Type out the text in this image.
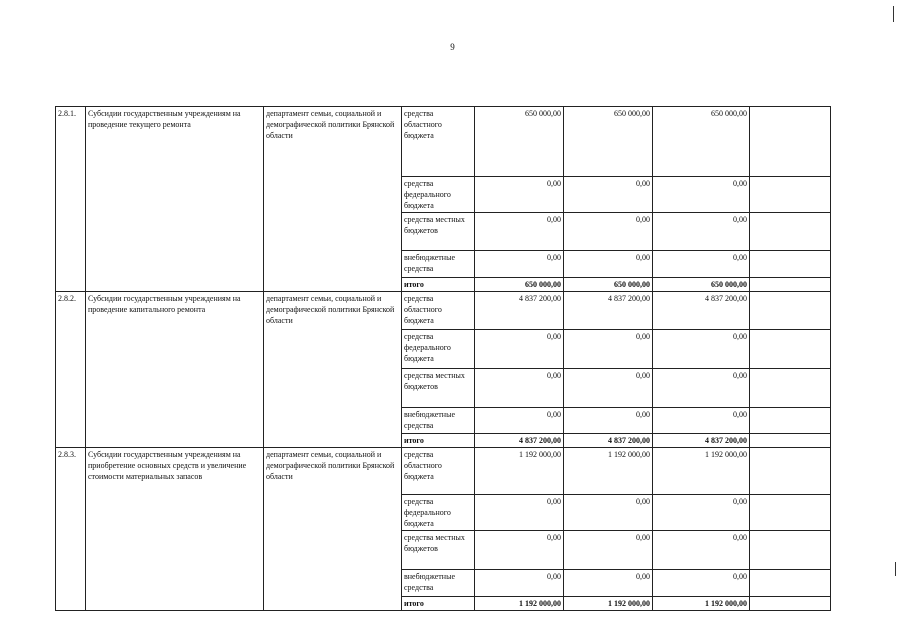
9
2.8.1.	Субсидии государственным учреждениям на проведение текущего ремонта	департамент семьи, социальной и демографической политики Брянской области	средства областного бюджета	650 000,00	650 000,00	650 000,00	
			средства федерального бюджета	0,00	0,00	0,00	
			средства местных бюджетов	0,00	0,00	0,00	
			внебюджетные средства	0,00	0,00	0,00	
			итого	650 000,00	650 000,00	650 000,00	
2.8.2.	Субсидии государственным учреждениям на проведение капитального ремонта	департамент семьи, социальной и демографической политики Брянской области	средства областного бюджета	4 837 200,00	4 837 200,00	4 837 200,00	
			средства федерального бюджета	0,00	0,00	0,00	
			средства местных бюджетов	0,00	0,00	0,00	
			внебюджетные средства	0,00	0,00	0,00	
			итого	4 837 200,00	4 837 200,00	4 837 200,00	
2.8.3.	Субсидии государственным учреждениям на приобретение основных средств и увеличение стоимости материальных запасов	департамент семьи, социальной и демографической политики Брянской области	средства областного бюджета	1 192 000,00	1 192 000,00	1 192 000,00	
			средства федерального бюджета	0,00	0,00	0,00	
			средства местных бюджетов	0,00	0,00	0,00	
			внебюджетные средства	0,00	0,00	0,00	
			итого	1 192 000,00	1 192 000,00	1 192 000,00	
